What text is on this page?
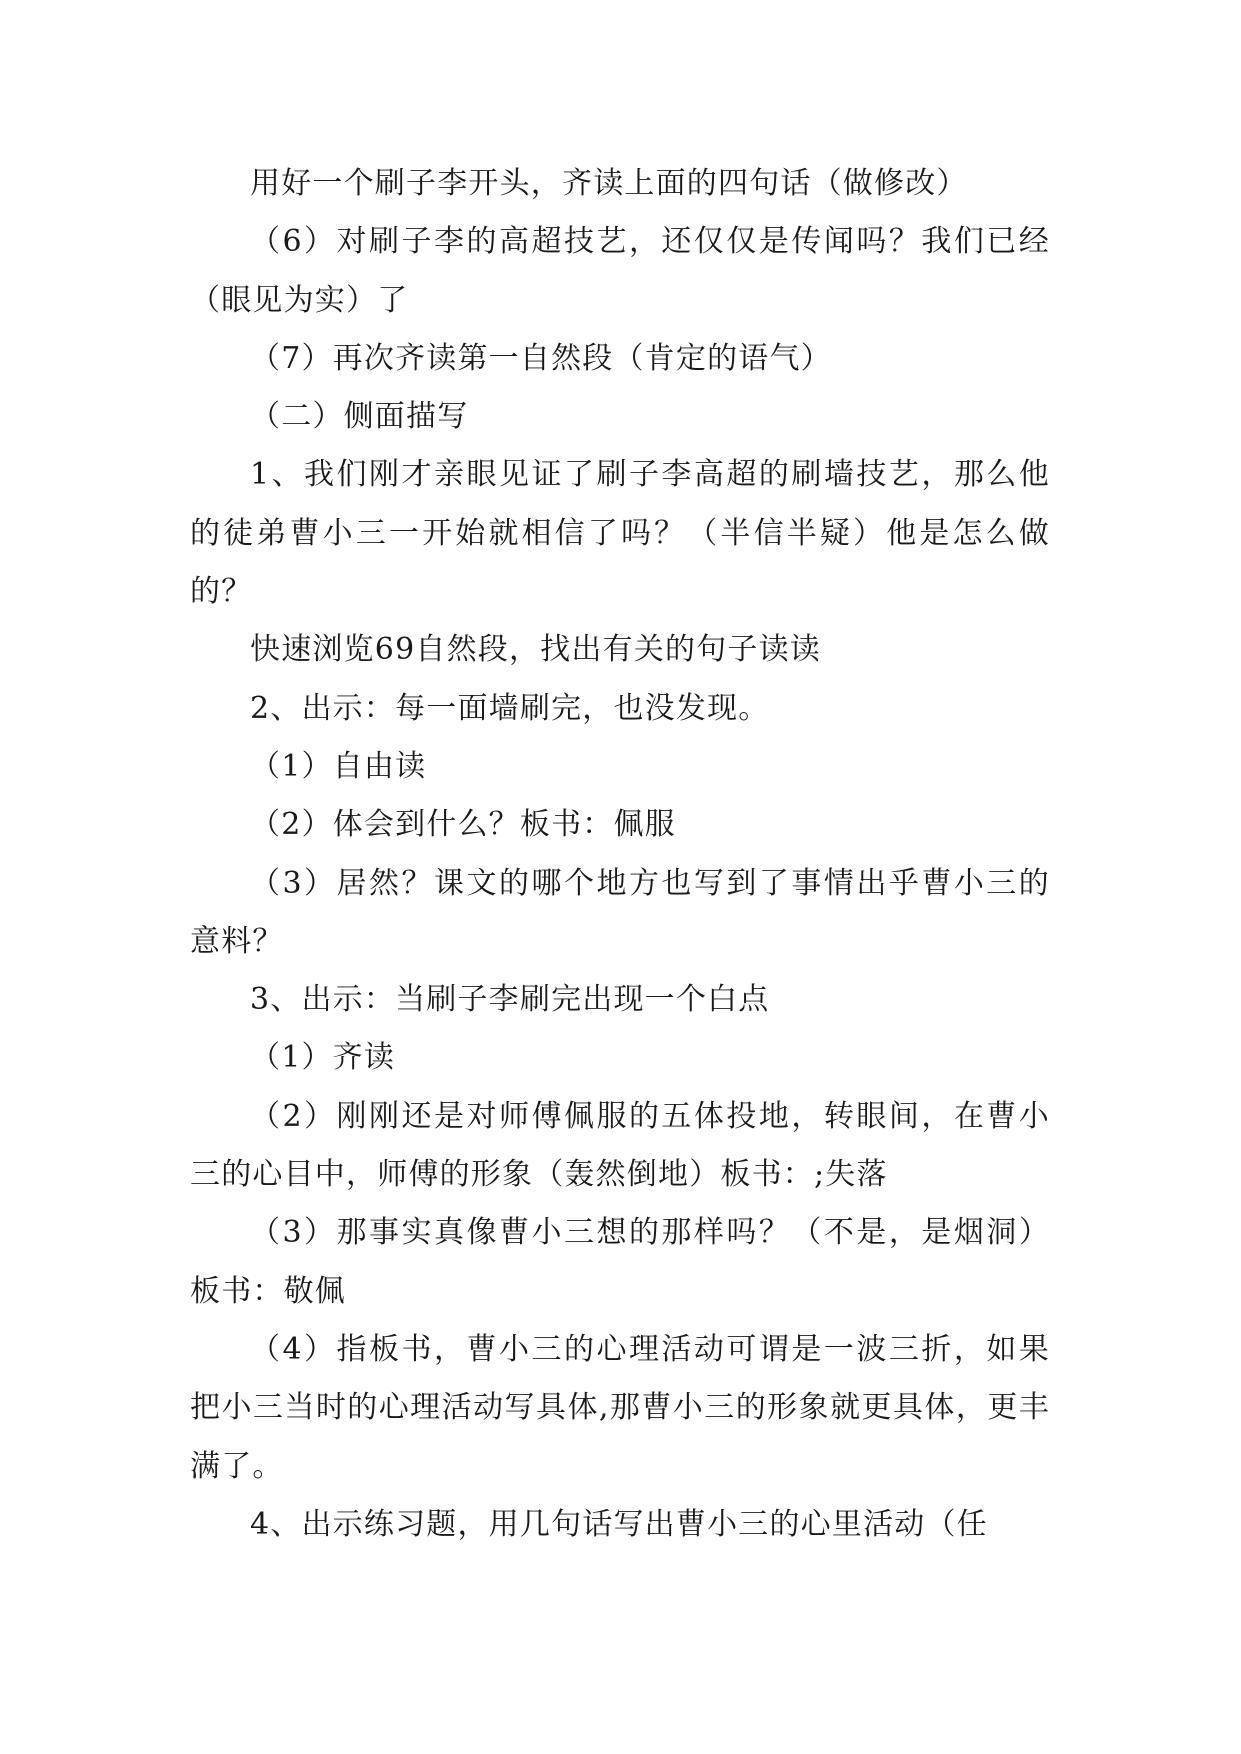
用好一个刷子李开头，齐读上面的四句话（做修改）

（6）对刷子李的高超技艺，还仅仅是传闻吗？我们已经（眼见为实）了

（7）再次齐读第一自然段（肯定的语气）

（二）侧面描写

1、我们刚才亲眼见证了刷子李高超的刷墙技艺，那么他的徒弟曹小三一开始就相信了吗？（半信半疑）他是怎么做的？

快速浏览69自然段，找出有关的句子读读

2、出示：每一面墙刷完，也没发现。

（1）自由读

（2）体会到什么？板书：佩服

（3）居然？课文的哪个地方也写到了事情出乎曹小三的意料？

3、出示：当刷子李刷完出现一个白点

（1）齐读

（2）刚刚还是对师傅佩服的五体投地，转眼间，在曹小三的心目中，师傅的形象（轰然倒地）板书：;失落

（3）那事实真像曹小三想的那样吗？（不是，是烟洞）板书：敬佩

（4）指板书，曹小三的心理活动可谓是一波三折，如果把小三当时的心理活动写具体,那曹小三的形象就更具体，更丰满了。

4、出示练习题，用几句话写出曹小三的心里活动（任
